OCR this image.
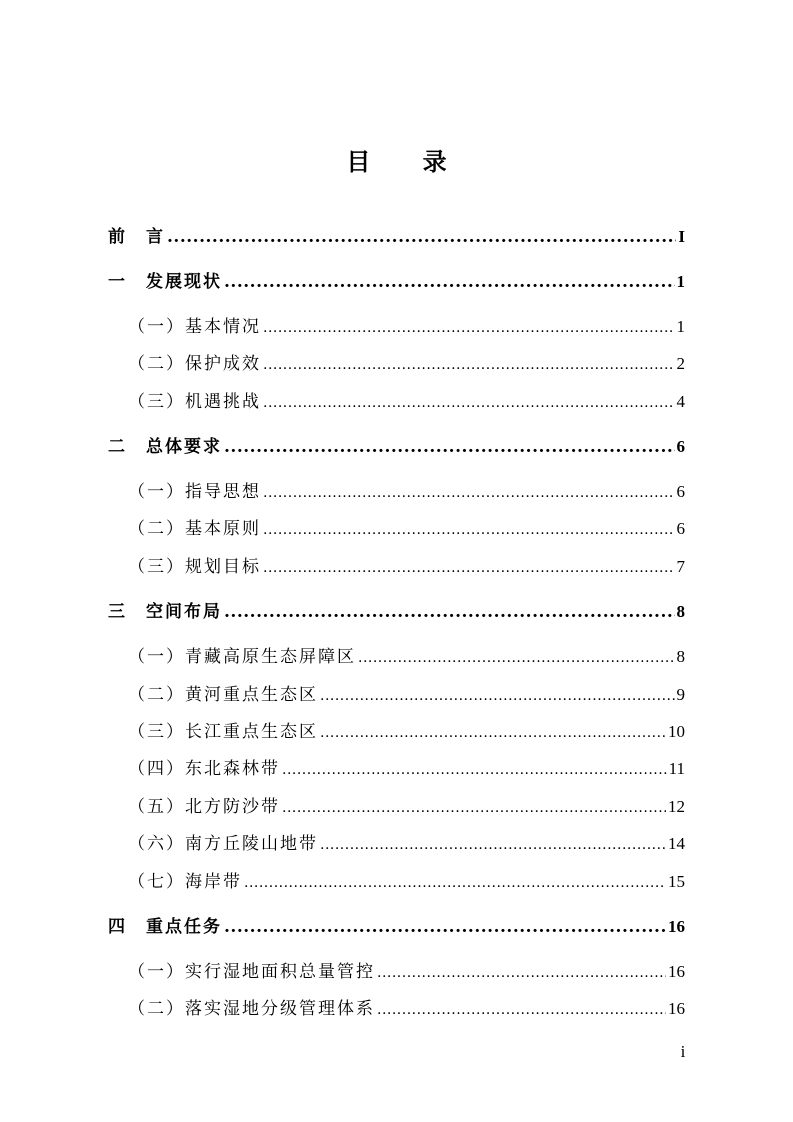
目 录
前　言 .....	I
一　发展现状 .....	1
（一）基本情况 .....	1
（二）保护成效 .....	2
（三）机遇挑战 .....	4
二　总体要求 .....	6
（一）指导思想 .....	6
（二）基本原则 .....	6
（三）规划目标 .....	7
三　空间布局 .....	8
（一）青藏高原生态屏障区 .....	8
（二）黄河重点生态区 .....	9
（三）长江重点生态区 .....	10
（四）东北森林带 .....	11
（五）北方防沙带 .....	12
（六）南方丘陵山地带 .....	14
（七）海岸带 .....	15
四　重点任务 .....	16
（一）实行湿地面积总量管控 .....	16
（二）落实湿地分级管理体系 .....	16
i
